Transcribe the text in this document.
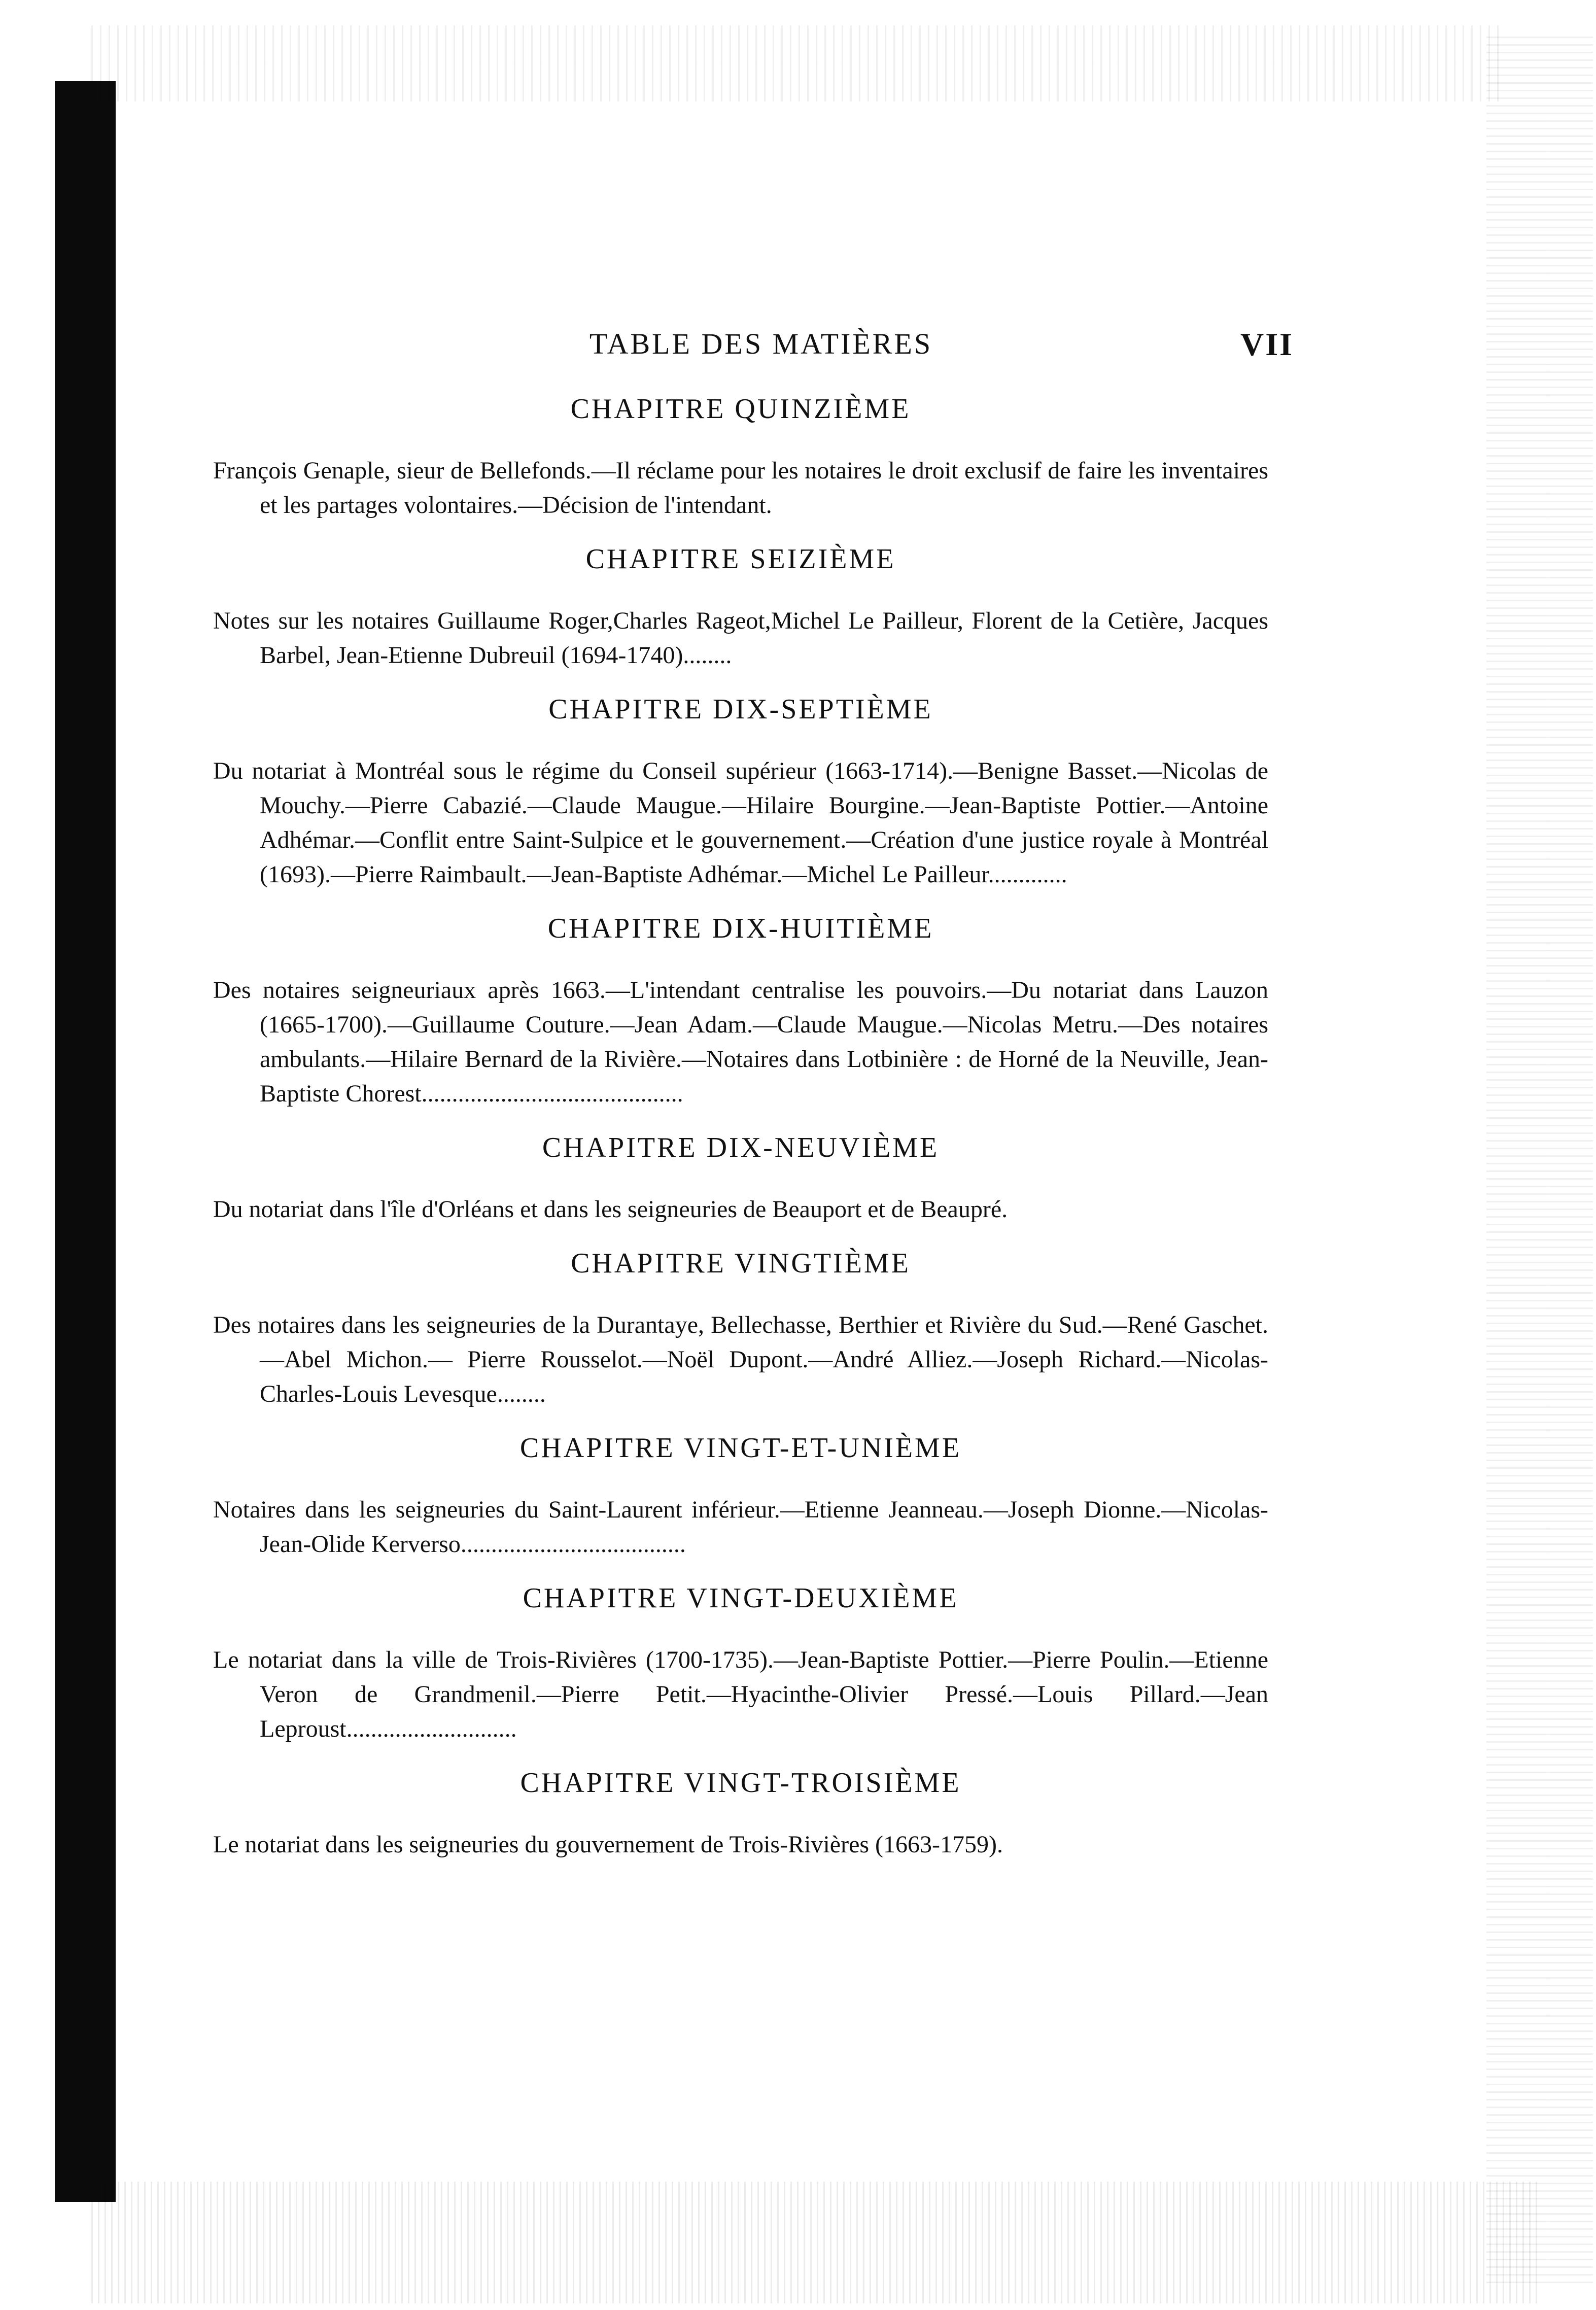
TABLE DES MATIÈRES	VII
CHAPITRE QUINZIÈME

François Genaple, sieur de Bellefonds.—Il réclame pour les notaires le droit exclusif de faire les inventaires et les partages volontaires.—Décision de l'intendant.

CHAPITRE SEIZIÈME

Notes sur les notaires Guillaume Roger,Charles Rageot,Michel Le Pailleur, Florent de la Cetière, Jacques Barbel, Jean-Etienne Dubreuil (1694-1740)........

CHAPITRE DIX-SEPTIÈME

Du notariat à Montréal sous le régime du Conseil supérieur (1663-1714).—Benigne Basset.—Nicolas de Mouchy.—Pierre Cabazié.—Claude Maugue.—Hilaire Bourgine.—Jean-Baptiste Pottier.—Antoine Adhémar.—Conflit entre Saint-Sulpice et le gouvernement.—Création d'une justice royale à Montréal (1693).—Pierre Raimbault.—Jean-Baptiste Adhémar.—Michel Le Pailleur.............

CHAPITRE DIX-HUITIÈME

Des notaires seigneuriaux après 1663.—L'intendant centralise les pouvoirs.—Du notariat dans Lauzon (1665-1700).—Guillaume Couture.—Jean Adam.—Claude Maugue.—Nicolas Metru.—Des notaires ambulants.—Hilaire Bernard de la Rivière.—Notaires dans Lotbinière : de Horné de la Neuville, Jean-Baptiste Chorest...........................................

CHAPITRE DIX-NEUVIÈME

Du notariat dans l'île d'Orléans et dans les seigneuries de Beauport et de Beaupré.

CHAPITRE VINGTIÈME

Des notaires dans les seigneuries de la Durantaye, Bellechasse, Berthier et Rivière du Sud.—René Gaschet.—Abel Michon.— Pierre Rousselot.—Noël Dupont.—André Alliez.—Joseph Richard.—Nicolas-Charles-Louis Levesque........

CHAPITRE VINGT-ET-UNIÈME

Notaires dans les seigneuries du Saint-Laurent inférieur.—Etienne Jeanneau.—Joseph Dionne.—Nicolas-Jean-Olide Kerverso.....................................

CHAPITRE VINGT-DEUXIÈME

Le notariat dans la ville de Trois-Rivières (1700-1735).—Jean-Baptiste Pottier.—Pierre Poulin.—Etienne Veron de Grandmenil.—Pierre Petit.—Hyacinthe-Olivier Pressé.—Louis Pillard.—Jean Leproust............................

CHAPITRE VINGT-TROISIÈME

Le notariat dans les seigneuries du gouvernement de Trois-Rivières (1663-1759).
